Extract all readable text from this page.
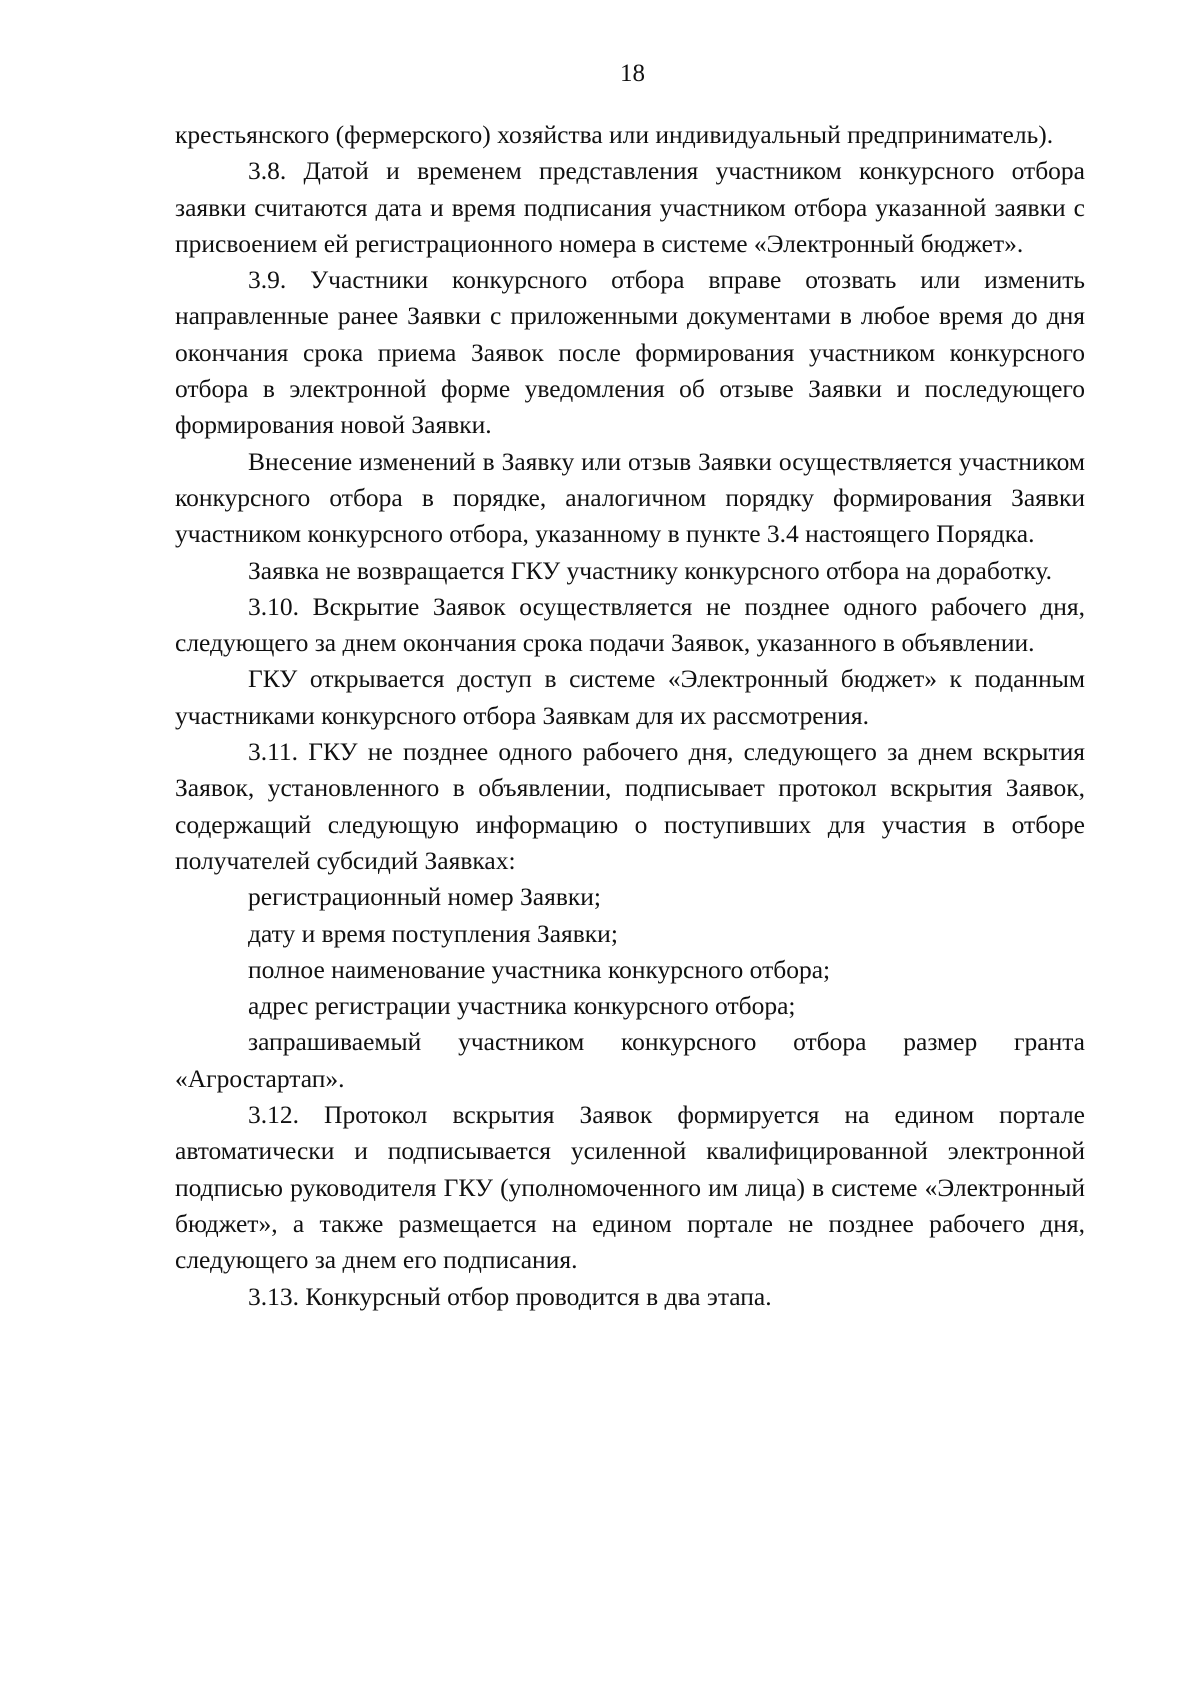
18

крестьянского (фермерского) хозяйства или индивидуальный предприниматель).

3.8. Датой и временем представления участником конкурсного отбора заявки считаются дата и время подписания участником отбора указанной заявки с присвоением ей регистрационного номера в системе «Электронный бюджет».

3.9. Участники конкурсного отбора вправе отозвать или изменить направленные ранее Заявки с приложенными документами в любое время до дня окончания срока приема Заявок после формирования участником конкурсного отбора в электронной форме уведомления об отзыве Заявки и последующего формирования новой Заявки.

Внесение изменений в Заявку или отзыв Заявки осуществляется участником конкурсного отбора в порядке, аналогичном порядку формирования Заявки участником конкурсного отбора, указанному в пункте 3.4 настоящего Порядка.

Заявка не возвращается ГКУ участнику конкурсного отбора на доработку.

3.10. Вскрытие Заявок осуществляется не позднее одного рабочего дня, следующего за днем окончания срока подачи Заявок, указанного в объявлении.

ГКУ открывается доступ в системе «Электронный бюджет» к поданным участниками конкурсного отбора Заявкам для их рассмотрения.

3.11. ГКУ не позднее одного рабочего дня, следующего за днем вскрытия Заявок, установленного в объявлении, подписывает протокол вскрытия Заявок, содержащий следующую информацию о поступивших для участия в отборе получателей субсидий Заявках:

регистрационный номер Заявки;

дату и время поступления Заявки;

полное наименование участника конкурсного отбора;

адрес регистрации участника конкурсного отбора;

запрашиваемый участником конкурсного отбора размер гранта «Агростартап».

3.12. Протокол вскрытия Заявок формируется на едином портале автоматически и подписывается усиленной квалифицированной электронной подписью руководителя ГКУ (уполномоченного им лица) в системе «Электронный бюджет», а также размещается на едином портале не позднее рабочего дня, следующего за днем его подписания.

3.13. Конкурсный отбор проводится в два этапа.
